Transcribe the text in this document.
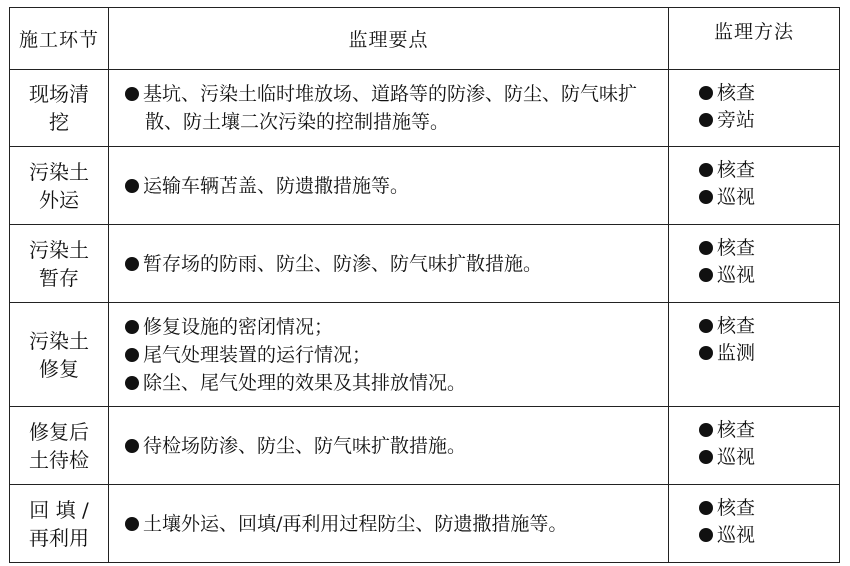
施工环节	监理要点	监理方法

现场清
挖	基坑、污染土临时堆放场、道路等的防渗、防尘、防气味扩散、防土壤二次污染的控制措施等。	核查
旁站

污染土
外运	运输车辆苫盖、防遗撒措施等。	核查
巡视

污染土
暂存	暂存场的防雨、防尘、防渗、防气味扩散措施。	核查
巡视

污染土
修复	修复设施的密闭情况；
尾气处理装置的运行情况；
除尘、尾气处理的效果及其排放情况。	核查
监测

修复后
土待检	待检场防渗、防尘、防气味扩散措施。	核查
巡视

回 填 /
再利用	土壤外运、回填/再利用过程防尘、防遗撒措施等。	核查
巡视
